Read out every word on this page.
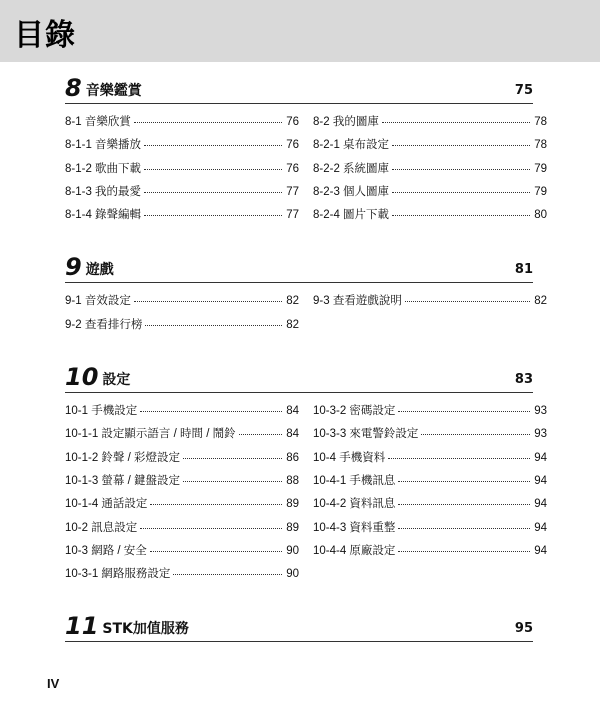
目錄
8 音樂鑑賞	75
8-1 音樂欣賞	76
8-1-1 音樂播放	76
8-1-2 歌曲下載	76
8-1-3 我的最愛	77
8-1-4 錄聲編輯	77
8-2 我的圖庫	78
8-2-1 桌布設定	78
8-2-2 系統圖庫	79
8-2-3 個人圖庫	79
8-2-4 圖片下載	80
9 遊戲	81
9-1 音效設定	82
9-2 查看排行榜	82
9-3 查看遊戲說明	82
10 設定	83
10-1 手機設定	84
10-1-1 設定顯示語言 / 時間 / 鬧鈴	84
10-1-2 鈴聲 / 彩燈設定	86
10-1-3 螢幕 / 鍵盤設定	88
10-1-4 通話設定	89
10-2 訊息設定	89
10-3 網路 / 安全	90
10-3-1 網路服務設定	90
10-3-2 密碼設定	93
10-3-3 來電警鈴設定	93
10-4 手機資料	94
10-4-1 手機訊息	94
10-4-2 資料訊息	94
10-4-3 資料重整	94
10-4-4 原廠設定	94
11 STK加值服務	95
IV
